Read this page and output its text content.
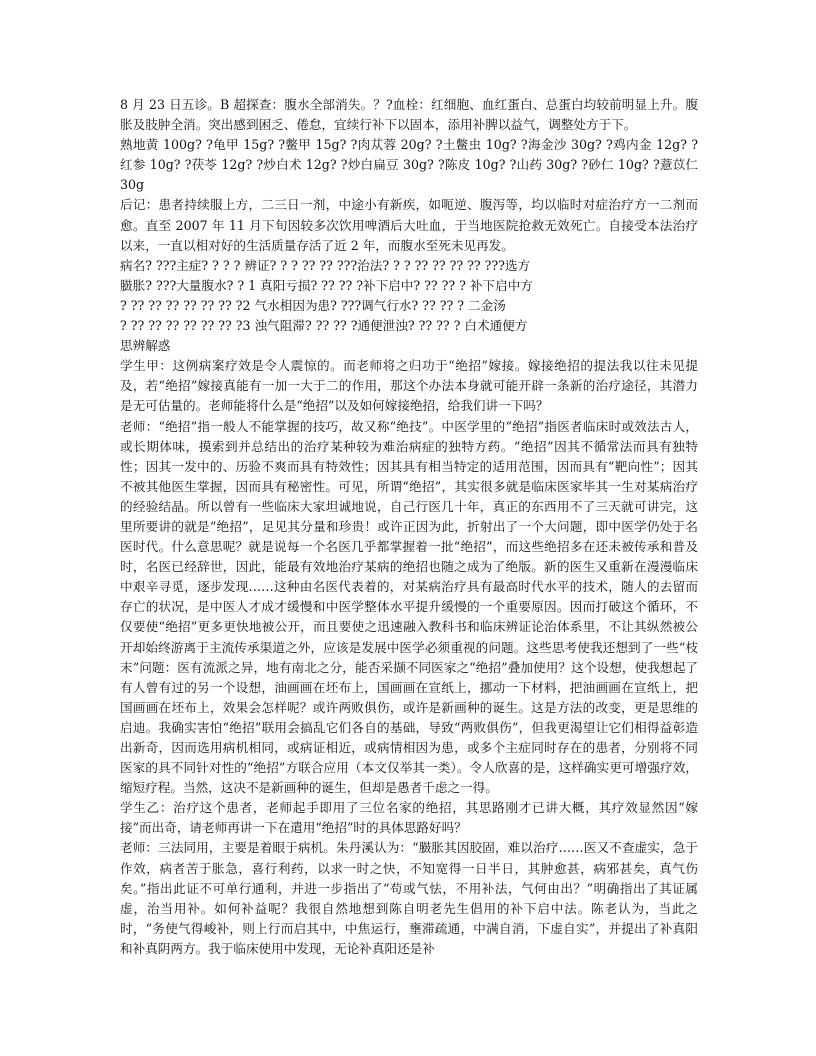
8 月 23 日五诊。B 超探查：腹水全部消失。？?血栓：红细胞、血红蛋白、总蛋白均较前明显上升。腹胀及肢肿全消。突出感到困乏、倦怠，宜续行补下以固本，添用补脾以益气，调整处方于下。

熟地黄 100g? ?龟甲 15g? ?鳖甲 15g? ?肉苁蓉 20g? ?土鳖虫 10g? ?海金沙 30g? ?鸡内金 12g? ?红参 10g? ?茯苓 12g? ?炒白术 12g? ?炒白扁豆 30g? ?陈皮 10g? ?山药 30g? ?砂仁 10g? ?薏苡仁 30g

后记：患者持续服上方，二三日一剂，中途小有新疾，如呃逆、腹泻等，均以临时对症治疗方一二剂而愈。直至 2007 年 11 月下旬因较多次饮用啤酒后大吐血，于当地医院抢救无效死亡。自接受本法治疗以来，一直以相对好的生活质量存活了近 2 年，而腹水至死未见再发。

病名? ???主症? ? ? ? 辨证? ? ? ?? ?? ???治法? ? ? ?? ?? ?? ?? ???选方
臌胀? ???大量腹水? ? 1 真阳亏损? ?? ?? ?补下启中? ?? ?? ? 补下启中方
? ?? ?? ?? ?? ?? ?? ?2 气水相因为患? ???调气行水? ?? ?? ? 二金汤
? ?? ?? ?? ?? ?? ?? ?3 浊气阻滞? ?? ?? ?通便泄浊? ?? ?? ? 白术通便方
思辨解惑

学生甲：这例病案疗效是令人震惊的。而老师将之归功于“绝招”嫁接。嫁接绝招的提法我以往未见提及，若“绝招”嫁接真能有一加一大于二的作用，那这个办法本身就可能开辟一条新的治疗途径，其潜力是无可估量的。老师能将什么是“绝招”以及如何嫁接绝招，给我们讲一下吗？

老师：“绝招”指一般人不能掌握的技巧，故又称“绝技”。中医学里的“绝招”指医者临床时或效法古人，或长期体味，摸索到并总结出的治疗某种较为难治病症的独特方药。“绝招”因其不循常法而具有独特性；因其一发中的、历验不爽而具有特效性；因其具有相当特定的适用范围，因而具有“靶向性”；因其不被其他医生掌握，因而具有秘密性。可见，所谓“绝招”，其实很多就是临床医家毕其一生对某病治疗的经验结晶。所以曾有一些临床大家坦诚地说，自己行医几十年，真正的东西用不了三天就可讲完，这里所要讲的就是“绝招”，足见其分量和珍贵！或许正因为此，折射出了一个大问题，即中医学仍处于名医时代。什么意思呢？就是说每一个名医几乎都掌握着一批“绝招”，而这些绝招多在还未被传承和普及时，名医已经辞世，因此，能最有效地治疗某病的绝招也随之成为了绝版。新的医生又重新在漫漫临床中艰辛寻觅，逐步发现……这种由名医代表着的，对某病治疗具有最高时代水平的技术，随人的去留而存亡的状况，是中医人才成才缓慢和中医学整体水平提升缓慢的一个重要原因。因而打破这个循环，不仅要使“绝招”更多更快地被公开，而且要使之迅速融入教科书和临床辨证论治体系里，不让其纵然被公开却始终游离于主流传承渠道之外，应该是发展中医学必须重视的问题。这些思考使我还想到了一些“枝末”问题：医有流派之异，地有南北之分，能否采撷不同医家之“绝招”叠加使用？这个设想，使我想起了有人曾有过的另一个设想，油画画在坯布上，国画画在宣纸上，挪动一下材料，把油画画在宣纸上，把国画画在坯布上，效果会怎样呢？或许两败俱伤，或许是新画种的诞生。这是方法的改变，更是思维的启迪。我确实害怕“绝招”联用会搞乱它们各自的基础，导致“两败俱伤”，但我更渴望让它们相得益彰造出新奇，因而选用病机相同，或病证相近，或病情相因为患，或多个主症同时存在的患者，分别将不同医家的具不同针对性的“绝招”方联合应用（本文仅举其一类）。令人欣喜的是，这样确实更可增强疗效，缩短疗程。当然，这决不是新画种的诞生，但却是愚者千虑之一得。

学生乙：治疗这个患者，老师起手即用了三位名家的绝招，其思路刚才已讲大概，其疗效显然因“嫁接”而出奇，请老师再讲一下在遣用“绝招”时的具体思路好吗？

老师：三法同用，主要是着眼于病机。朱丹溪认为：“臌胀其因胶固，难以治疗……医又不查虚实，急于作效，病者苦于胀急，喜行利药，以求一时之快，不知宽得一日半日，其肿愈甚，病邪甚矣，真气伤矣。”指出此证不可单行通利，并进一步指出了“苟或气怯，不用补法，气何由出？”明确指出了其证属虚，治当用补。如何补益呢？我很自然地想到陈自明老先生倡用的补下启中法。陈老认为，当此之时，“务使气得峻补，则上行而启其中，中焦运行，壅滞疏通，中满自消，下虚自实”，并提出了补真阳和补真阴两方。我于临床使用中发现，无论补真阳还是补
